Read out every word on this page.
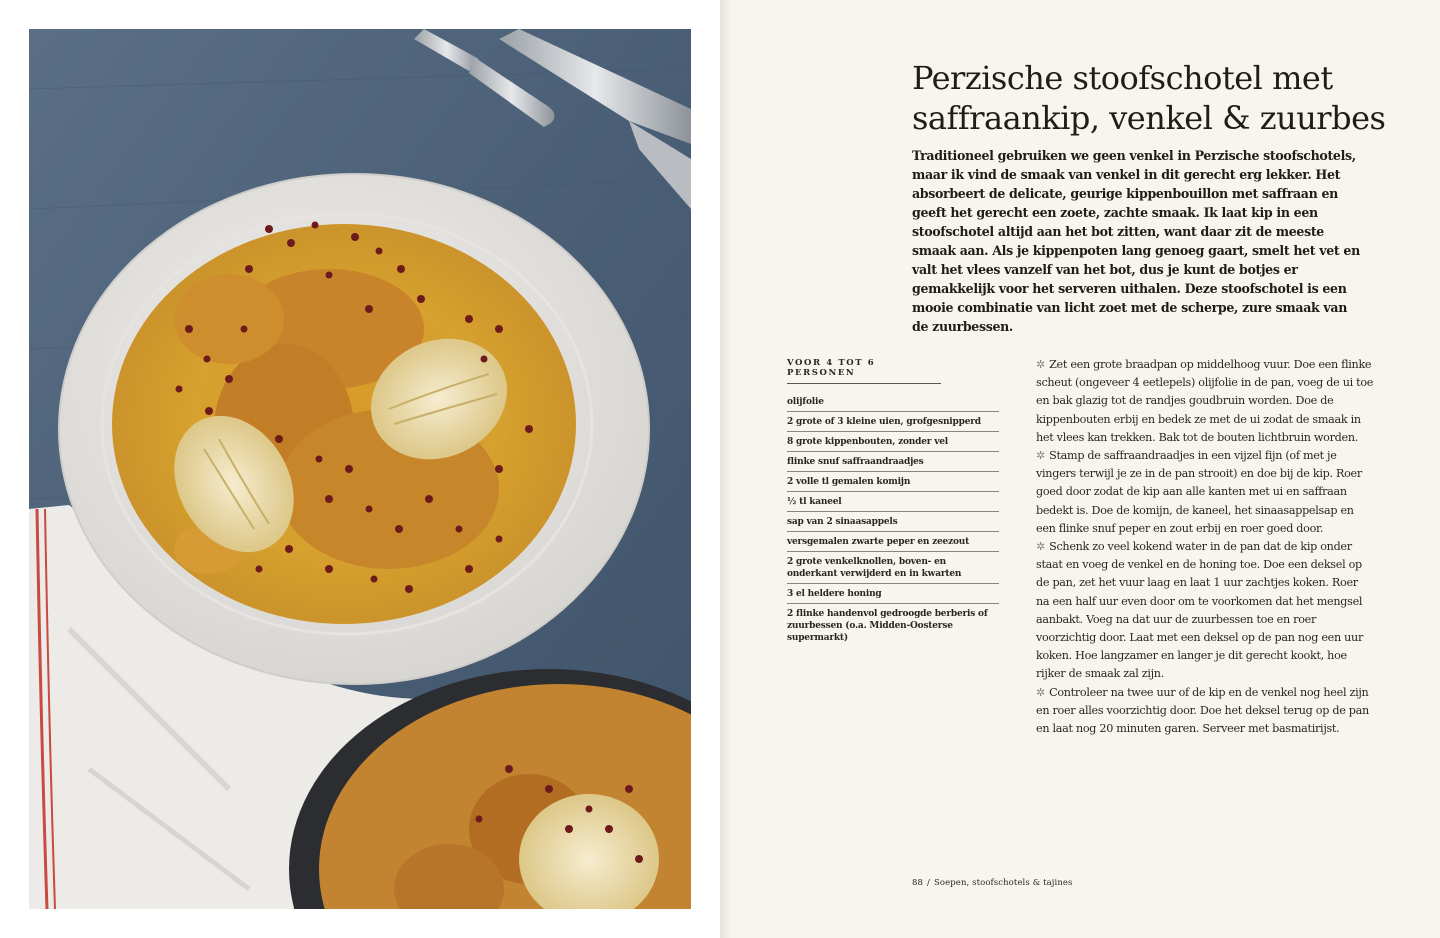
Perzische stoofschotel met saffraankip, venkel & zuurbes

Traditioneel gebruiken we geen venkel in Perzische stoofschotels, maar ik vind de smaak van venkel in dit gerecht erg lekker. Het absorbeert de delicate, geurige kippenbouillon met saffraan en geeft het gerecht een zoete, zachte smaak. Ik laat kip in een stoofschotel altijd aan het bot zitten, want daar zit de meeste smaak aan. Als je kippenpoten lang genoeg gaart, smelt het vet en valt het vlees vanzelf van het bot, dus je kunt de botjes er gemakkelijk voor het serveren uithalen. Deze stoofschotel is een mooie combinatie van licht zoet met de scherpe, zure smaak van de zuurbessen.

VOOR 4 TOT 6 PERSONEN
olijfolie
2 grote of 3 kleine uien, grofgesnipperd
8 grote kippenbouten, zonder vel
flinke snuf saffraandraadjes
2 volle tl gemalen komijn
½ tl kaneel
sap van 2 sinaasappels
versgemalen zwarte peper en zeezout
2 grote venkelknollen, boven- en onderkant verwijderd en in kwarten
3 el heldere honing
2 flinke handenvol gedroogde berberis of zuurbessen (o.a. Midden-Oosterse supermarkt)

✲ Zet een grote braadpan op middelhoog vuur. Doe een flinke scheut (ongeveer 4 eetlepels) olijfolie in de pan, voeg de ui toe en bak glazig tot de randjes goudbruin worden. Doe de kippenbouten erbij en bedek ze met de ui zodat de smaak in het vlees kan trekken. Bak tot de bouten lichtbruin worden.

✲ Stamp de saffraandraadjes in een vijzel fijn (of met je vingers terwijl je ze in de pan strooit) en doe bij de kip. Roer goed door zodat de kip aan alle kanten met ui en saffraan bedekt is. Doe de komijn, de kaneel, het sinaasappelsap en een flinke snuf peper en zout erbij en roer goed door.

✲ Schenk zo veel kokend water in de pan dat de kip onder staat en voeg de venkel en de honing toe. Doe een deksel op de pan, zet het vuur laag en laat 1 uur zachtjes koken. Roer na een half uur even door om te voorkomen dat het mengsel aanbakt. Voeg na dat uur de zuurbessen toe en roer voorzichtig door. Laat met een deksel op de pan nog een uur koken. Hoe langzamer en langer je dit gerecht kookt, hoe rijker de smaak zal zijn.

✲ Controleer na twee uur of de kip en de venkel nog heel zijn en roer alles voorzichtig door. Doe het deksel terug op de pan en laat nog 20 minuten garen. Serveer met basmatirijst.

88 / Soepen, stoofschotels & tajines
